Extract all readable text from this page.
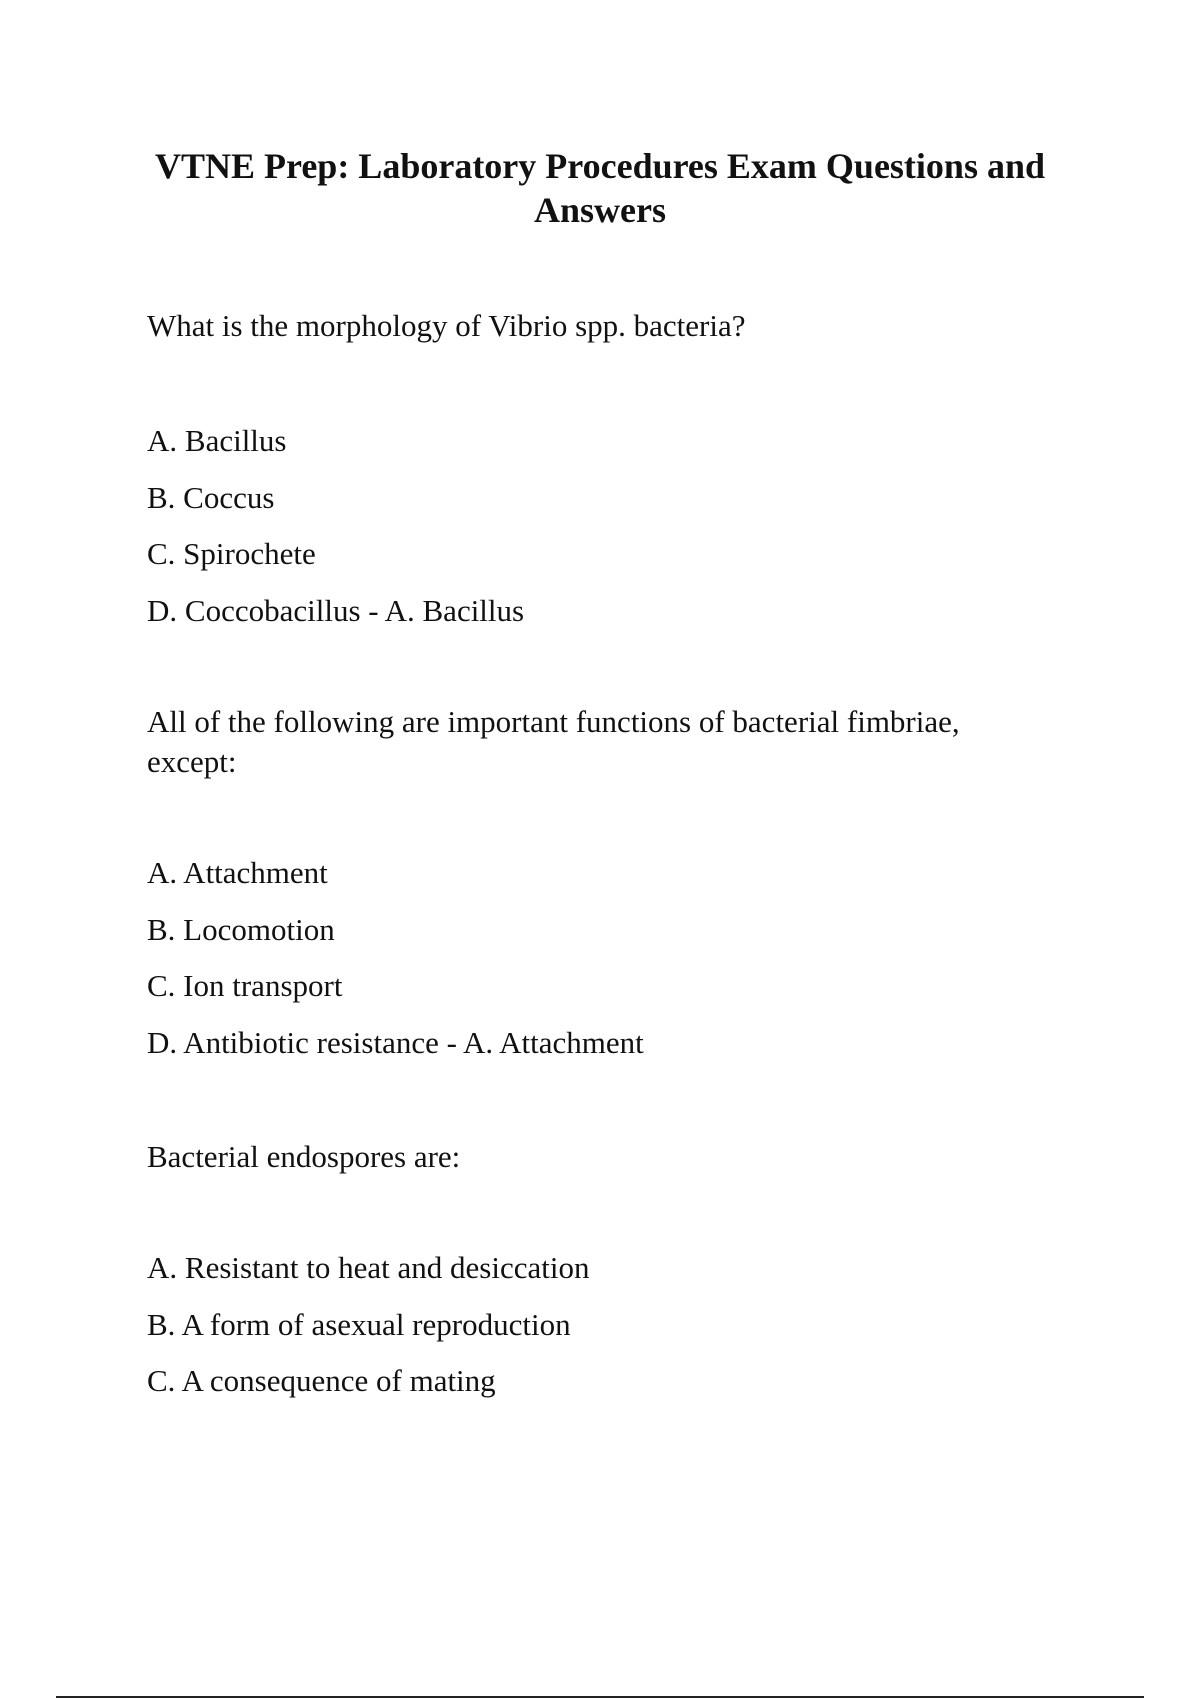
VTNE Prep: Laboratory Procedures Exam Questions and Answers

What is the morphology of Vibrio spp. bacteria?

A. Bacillus
B. Coccus
C. Spirochete
D. Coccobacillus - A. Bacillus

All of the following are important functions of bacterial fimbriae, except:

A. Attachment
B. Locomotion
C. Ion transport
D. Antibiotic resistance - A. Attachment

Bacterial endospores are:

A. Resistant to heat and desiccation
B. A form of asexual reproduction
C. A consequence of mating
